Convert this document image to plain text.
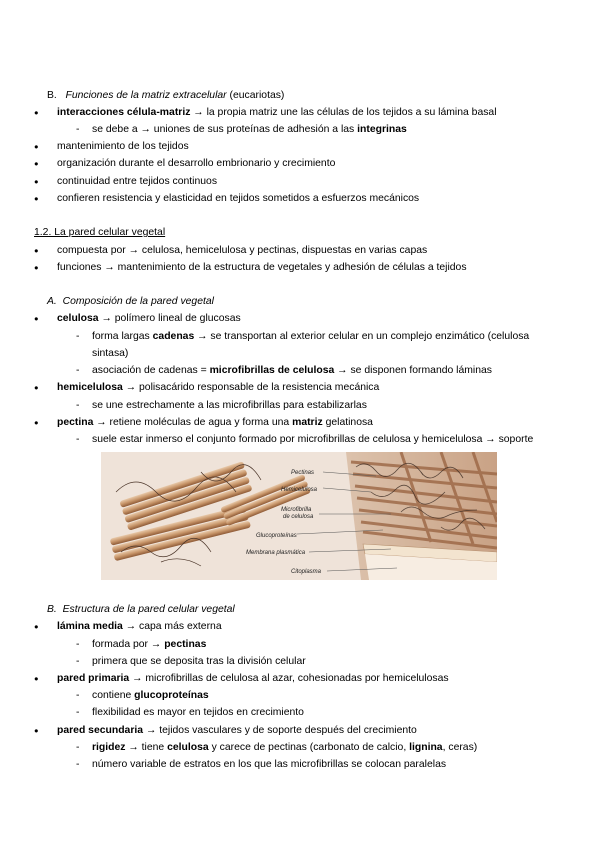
B. Funciones de la matriz extracelular (eucariotas)
● interacciones célula-matriz → la propia matriz une las células de los tejidos a su lámina basal
- se debe a → uniones de sus proteínas de adhesión a las integrinas
● mantenimiento de los tejidos
● organización durante el desarrollo embrionario y crecimiento
● continuidad entre tejidos continuos
● confieren resistencia y elasticidad en tejidos sometidos a esfuerzos mecánicos
1.2. La pared celular vegetal
● compuesta por → celulosa, hemicelulosa y pectinas, dispuestas en varias capas
● funciones → mantenimiento de la estructura de vegetales y adhesión de células a tejidos
A. Composición de la pared vegetal
● celulosa → polímero lineal de glucosas
- forma largas cadenas → se transportan al exterior celular en un complejo enzimático (celulosa
sintasa)
- asociación de cadenas = microfibrillas de celulosa → se disponen formando láminas
● hemicelulosa → polisacárido responsable de la resistencia mecánica
- se une estrechamente a las microfibrillas para estabilizarlas
● pectina → retiene moléculas de agua y forma una matriz gelatinosa
- suele estar inmerso el conjunto formado por microfibrillas de celulosa y hemicelulosa → soporte
Pectinas
Hemicelulosa
Microfibrilla
de celulosa
Glucoproteínas
Membrana plasmática
Citoplasma
B. Estructura de la pared celular vegetal
● lámina media → capa más externa
- formada por → pectinas
- primera que se deposita tras la división celular
● pared primaria → microfibrillas de celulosa al azar, cohesionadas por hemicelulosas
- contiene glucoproteínas
- flexibilidad es mayor en tejidos en crecimiento
● pared secundaria → tejidos vasculares y de soporte después del crecimiento
- rigidez → tiene celulosa y carece de pectinas (carbonato de calcio, lignina, ceras)
- número variable de estratos en los que las microfibrillas se colocan paralelas
